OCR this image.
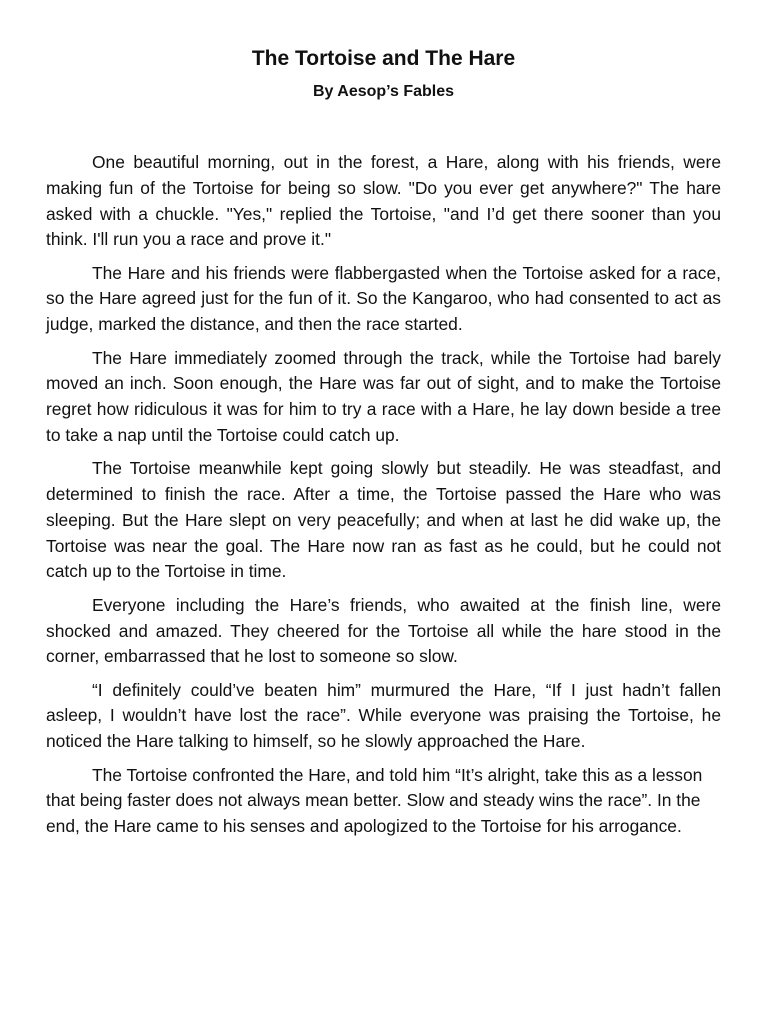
The Tortoise and The Hare
By Aesop’s Fables

One beautiful morning, out in the forest, a Hare, along with his friends, were making fun of the Tortoise for being so slow. "Do you ever get anywhere?" The hare asked with a chuckle. "Yes," replied the Tortoise, "and I’d get there sooner than you think. I'll run you a race and prove it."

The Hare and his friends were flabbergasted when the Tortoise asked for a race, so the Hare agreed just for the fun of it. So the Kangaroo, who had consented to act as judge, marked the distance, and then the race started.

The Hare immediately zoomed through the track, while the Tortoise had barely moved an inch. Soon enough, the Hare was far out of sight, and to make the Tortoise regret how ridiculous it was for him to try a race with a Hare, he lay down beside a tree to take a nap until the Tortoise could catch up.

The Tortoise meanwhile kept going slowly but steadily. He was steadfast, and determined to finish the race. After a time, the Tortoise passed the Hare who was sleeping. But the Hare slept on very peacefully; and when at last he did wake up, the Tortoise was near the goal. The Hare now ran as fast as he could, but he could not catch up to the Tortoise in time.

Everyone including the Hare’s friends, who awaited at the finish line, were shocked and amazed. They cheered for the Tortoise all while the hare stood in the corner, embarrassed that he lost to someone so slow.

“I definitely could’ve beaten him” murmured the Hare, “If I just hadn’t fallen asleep, I wouldn’t have lost the race”. While everyone was praising the Tortoise, he noticed the Hare talking to himself, so he slowly approached the Hare.

The Tortoise confronted the Hare, and told him “It’s alright, take this as a lesson that being faster does not always mean better. Slow and steady wins the race”. In the end, the Hare came to his senses and apologized to the Tortoise for his arrogance.
